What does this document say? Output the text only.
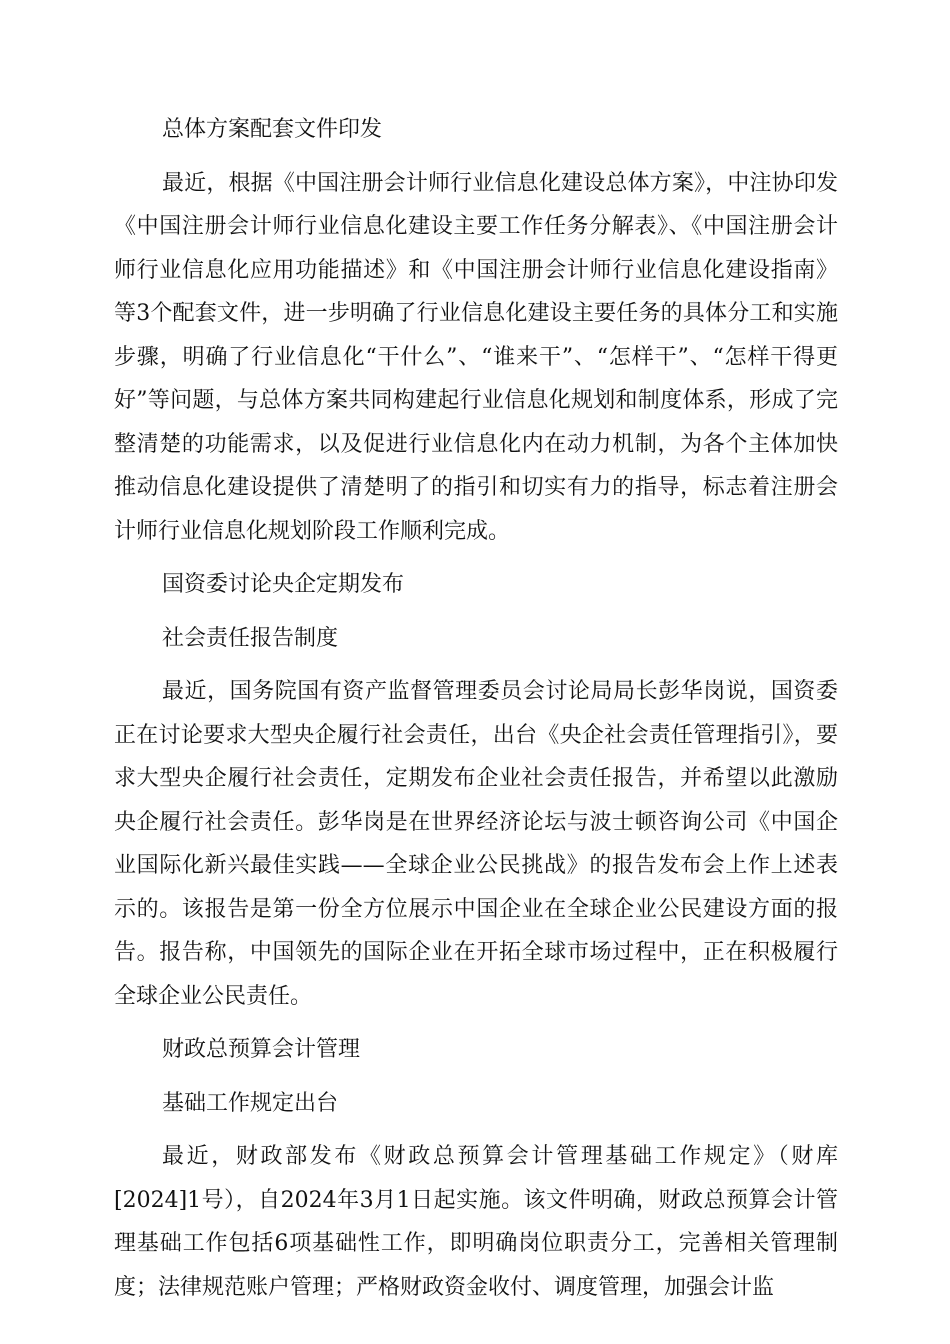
总体方案配套文件印发

最近，根据《中国注册会计师行业信息化建设总体方案》，中注协印发《中国注册会计师行业信息化建设主要工作任务分解表》、《中国注册会计师行业信息化应用功能描述》和《中国注册会计师行业信息化建设指南》等3个配套文件，进一步明确了行业信息化建设主要任务的具体分工和实施步骤，明确了行业信息化“干什么”、“谁来干”、“怎样干”、“怎样干得更好”等问题，与总体方案共同构建起行业信息化规划和制度体系，形成了完整清楚的功能需求，以及促进行业信息化内在动力机制，为各个主体加快推动信息化建设提供了清楚明了的指引和切实有力的指导，标志着注册会计师行业信息化规划阶段工作顺利完成。

国资委讨论央企定期发布

社会责任报告制度

最近，国务院国有资产监督管理委员会讨论局局长彭华岗说，国资委正在讨论要求大型央企履行社会责任，出台《央企社会责任管理指引》，要求大型央企履行社会责任，定期发布企业社会责任报告，并希望以此激励央企履行社会责任。彭华岗是在世界经济论坛与波士顿咨询公司《中国企业国际化新兴最佳实践——全球企业公民挑战》的报告发布会上作上述表示的。该报告是第一份全方位展示中国企业在全球企业公民建设方面的报告。报告称，中国领先的国际企业在开拓全球市场过程中，正在积极履行全球企业公民责任。

财政总预算会计管理

基础工作规定出台

最近，财政部发布《财政总预算会计管理基础工作规定》（财库[2024]1号），自2024年3月1日起实施。该文件明确，财政总预算会计管理基础工作包括6项基础性工作，即明确岗位职责分工，完善相关管理制度；法律规范账户管理；严格财政资金收付、调度管理，加强会计监
